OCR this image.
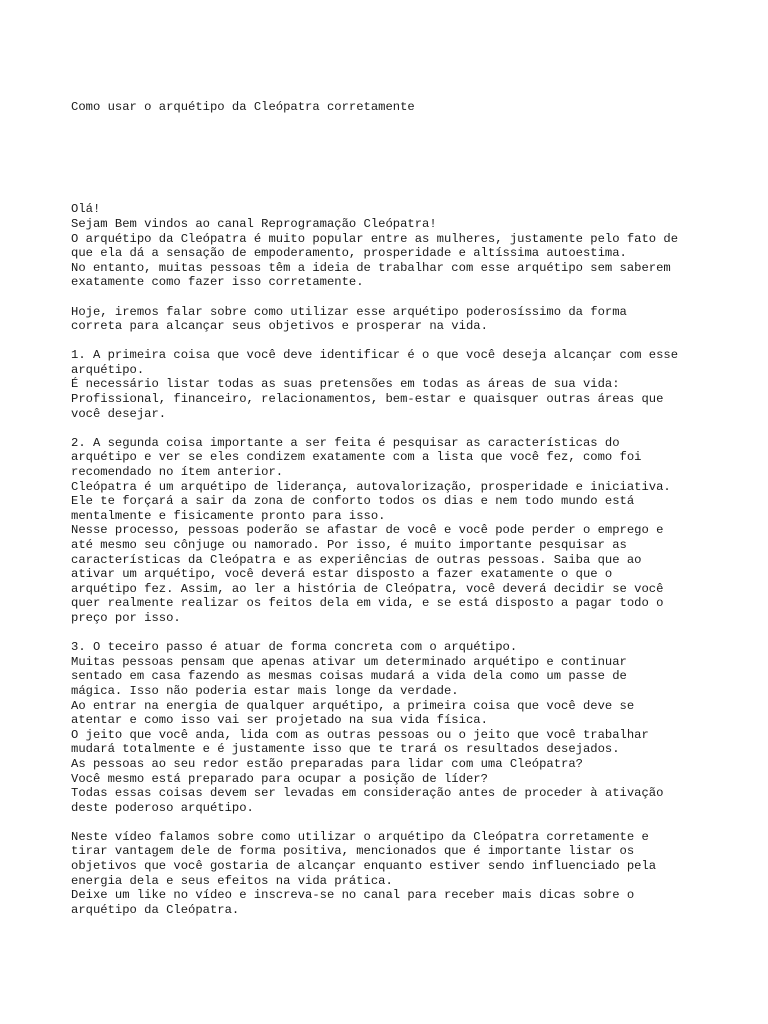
Como usar o arquétipo da Cleópatra corretamente

Olá!
Sejam Bem vindos ao canal Reprogramação Cleópatra!
O arquétipo da Cleópatra é muito popular entre as mulheres, justamente pelo fato de
que ela dá a sensação de empoderamento, prosperidade e altíssima autoestima.
No entanto, muitas pessoas têm a ideia de trabalhar com esse arquétipo sem saberem
exatamente como fazer isso corretamente.
Hoje, iremos falar sobre como utilizar esse arquétipo poderosíssimo da forma
correta para alcançar seus objetivos e prosperar na vida.
1. A primeira coisa que você deve identificar é o que você deseja alcançar com esse
arquétipo.
É necessário listar todas as suas pretensões em todas as áreas de sua vida:
Profissional, financeiro, relacionamentos, bem-estar e quaisquer outras áreas que
você desejar.
2. A segunda coisa importante a ser feita é pesquisar as características do
arquétipo e ver se eles condizem exatamente com a lista que você fez, como foi
recomendado no ítem anterior.
Cleópatra é um arquétipo de liderança, autovalorização, prosperidade e iniciativa.
Ele te forçará a sair da zona de conforto todos os dias e nem todo mundo está
mentalmente e fisicamente pronto para isso.
Nesse processo, pessoas poderão se afastar de você e você pode perder o emprego e
até mesmo seu cônjuge ou namorado. Por isso, é muito importante pesquisar as
características da Cleópatra e as experiências de outras pessoas. Saiba que ao
ativar um arquétipo, você deverá estar disposto a fazer exatamente o que o
arquétipo fez. Assim, ao ler a história de Cleópatra, você deverá decidir se você
quer realmente realizar os feitos dela em vida, e se está disposto a pagar todo o
preço por isso.
3. O teceiro passo é atuar de forma concreta com o arquétipo.
Muitas pessoas pensam que apenas ativar um determinado arquétipo e continuar
sentado em casa fazendo as mesmas coisas mudará a vida dela como um passe de
mágica. Isso não poderia estar mais longe da verdade.
Ao entrar na energia de qualquer arquétipo, a primeira coisa que você deve se
atentar e como isso vai ser projetado na sua vida física.
O jeito que você anda, lida com as outras pessoas ou o jeito que você trabalhar
mudará totalmente e é justamente isso que te trará os resultados desejados.
As pessoas ao seu redor estão preparadas para lidar com uma Cleópatra?
Você mesmo está preparado para ocupar a posição de líder?
Todas essas coisas devem ser levadas em consideração antes de proceder à ativação
deste poderoso arquétipo.
Neste vídeo falamos sobre como utilizar o arquétipo da Cleópatra corretamente e
tirar vantagem dele de forma positiva, mencionados que é importante listar os
objetivos que você gostaria de alcançar enquanto estiver sendo influenciado pela
energia dela e seus efeitos na vida prática.
Deixe um like no vídeo e inscreva-se no canal para receber mais dicas sobre o
arquétipo da Cleópatra.
